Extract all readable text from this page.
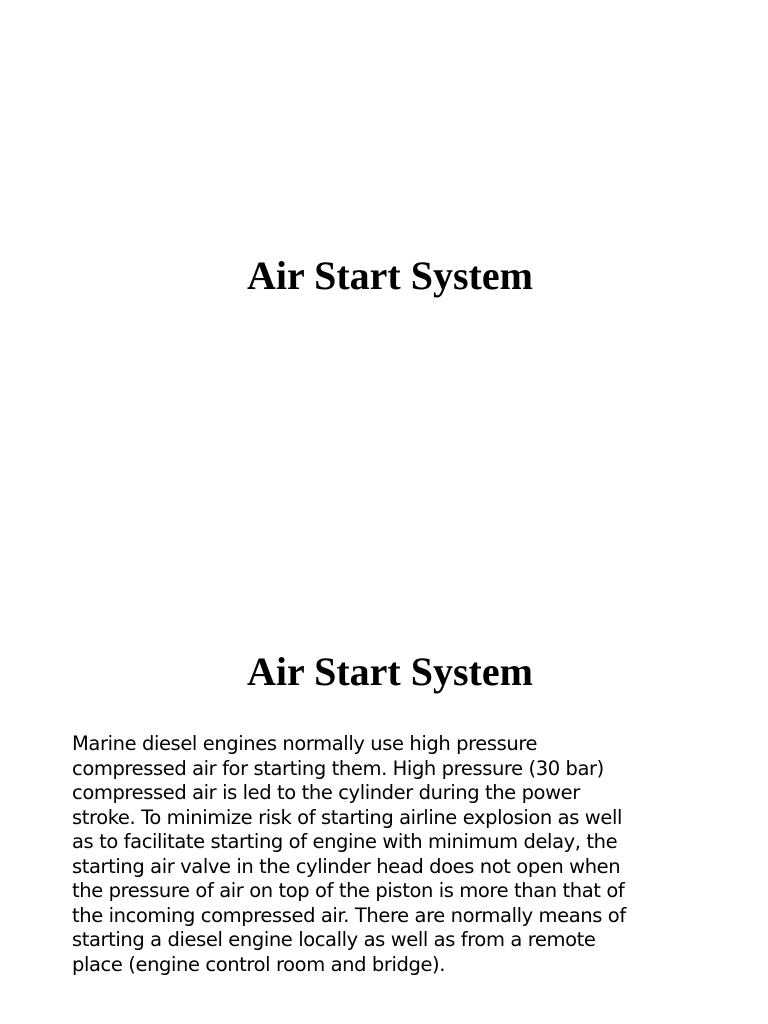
Air Start System
Air Start System

Marine diesel engines normally use high pressure
compressed air for starting them. High pressure (30 bar)
compressed air is led to the cylinder during the power
stroke. To minimize risk of starting airline explosion as well
as to facilitate starting of engine with minimum delay, the
starting air valve in the cylinder head does not open when
the pressure of air on top of the piston is more than that of
the incoming compressed air. There are normally means of
starting a diesel engine locally as well as from a remote
place (engine control room and bridge).
